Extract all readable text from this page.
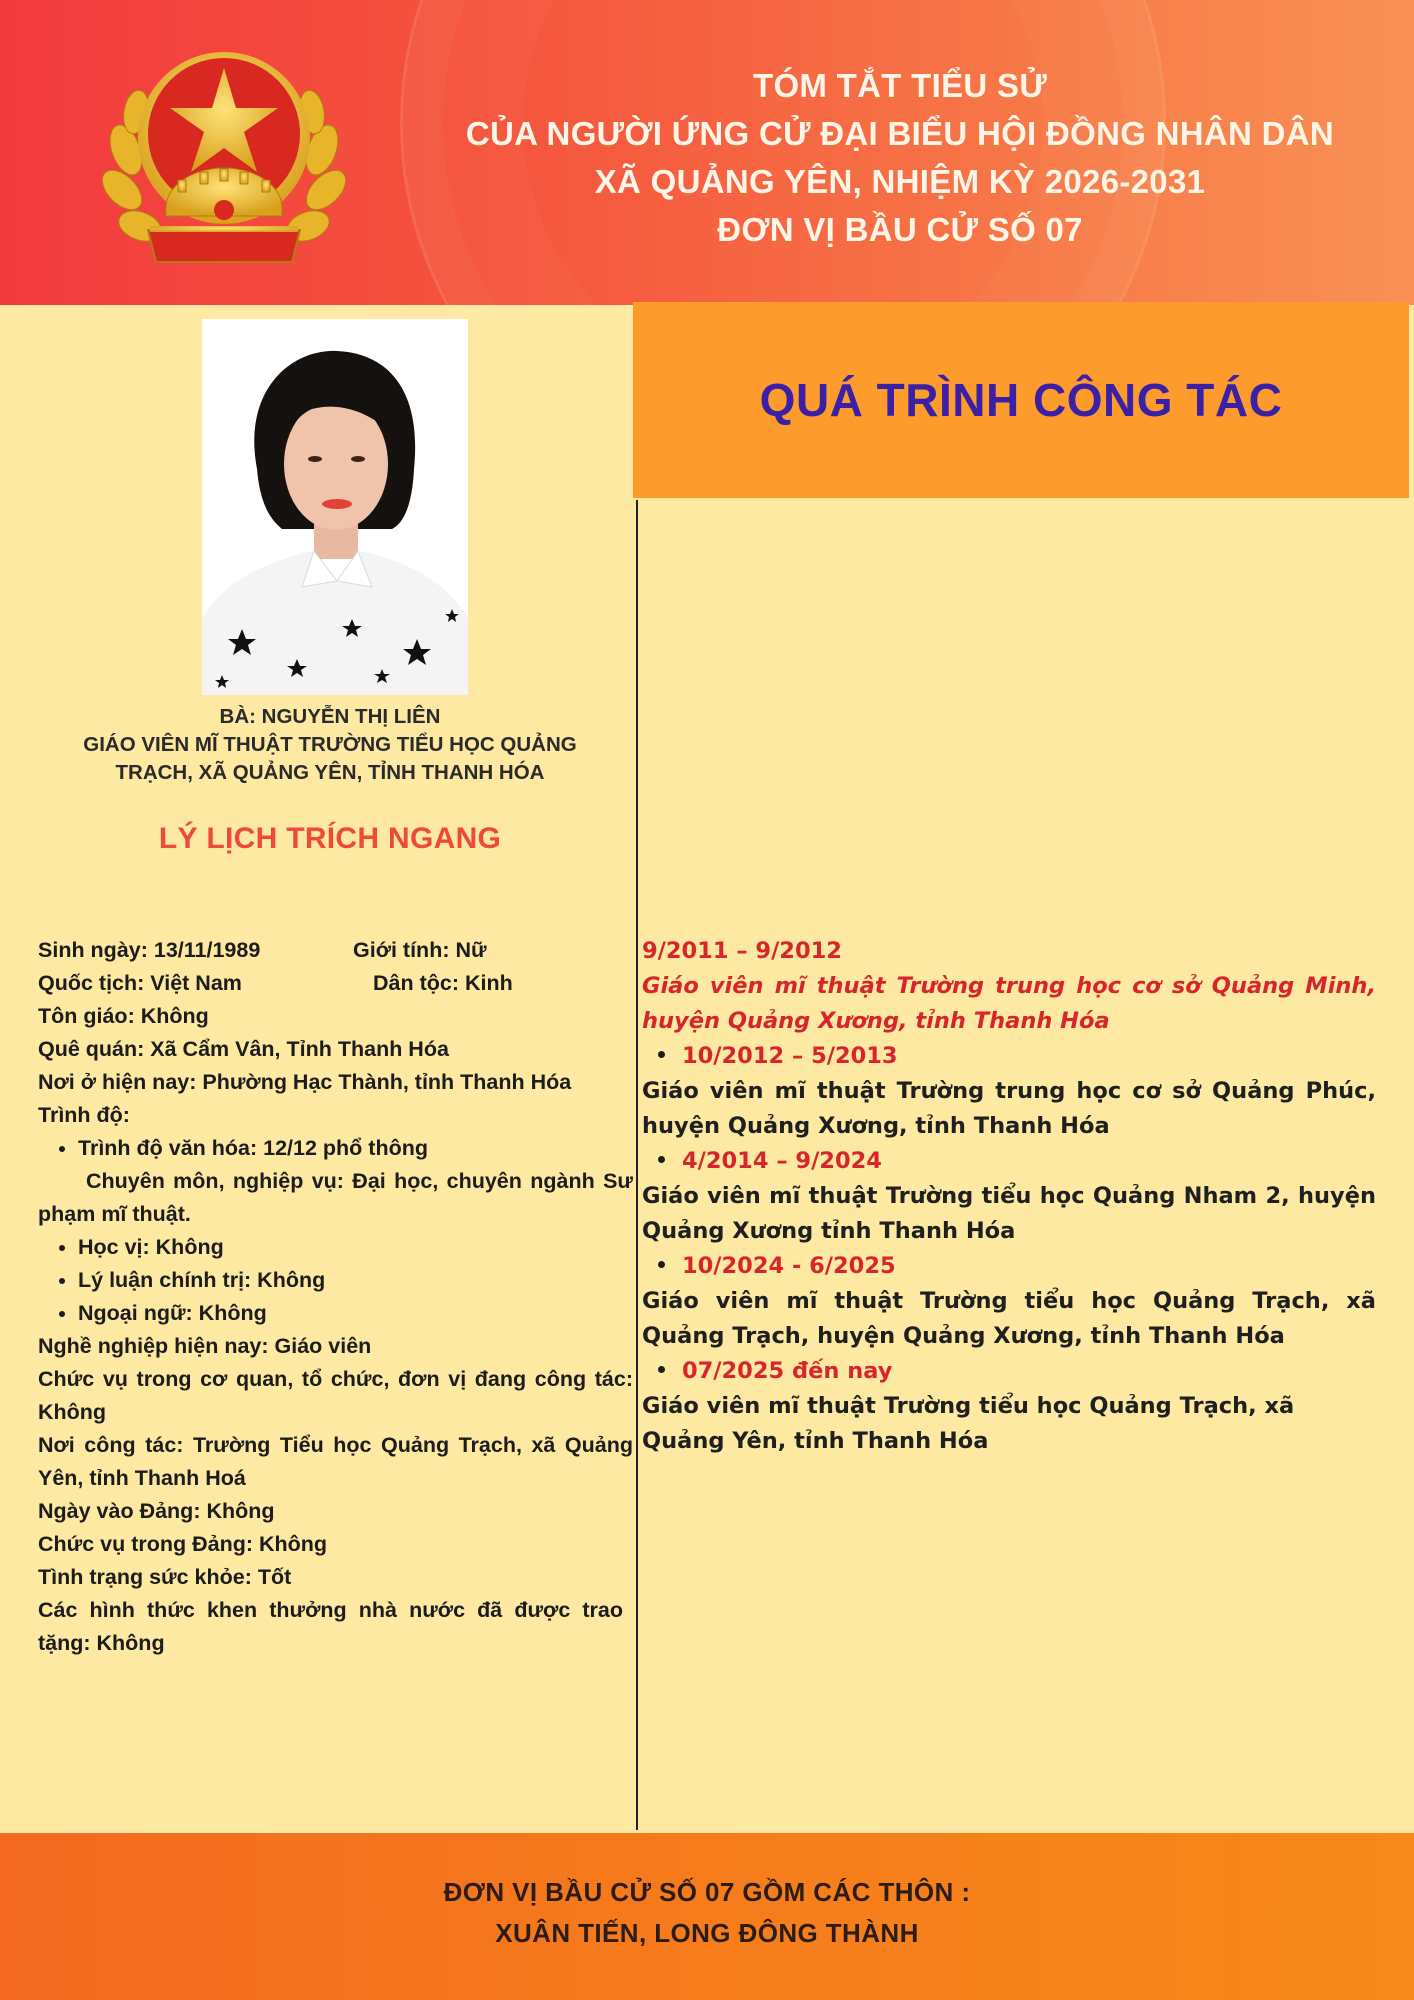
TÓM TẮT TIỂU SỬ
CỦA NGƯỜI ỨNG CỬ ĐẠI BIỂU HỘI ĐỒNG NHÂN DÂN
XÃ QUẢNG YÊN, NHIỆM KỲ 2026-2031
ĐƠN VỊ BẦU CỬ SỐ 07
BÀ: NGUYỄN THỊ LIÊN
GIÁO VIÊN MĨ THUẬT TRƯỜNG TIỂU HỌC QUẢNG
TRẠCH, XÃ QUẢNG YÊN, TỈNH THANH HÓA
LÝ LỊCH TRÍCH NGANG
Sinh ngày: 13/11/1989	Giới tính: Nữ
Quốc tịch: Việt Nam	Dân tộc: Kinh
Tôn giáo: Không
Quê quán: Xã Cẩm Vân, Tỉnh Thanh Hóa
Nơi ở hiện nay: Phường Hạc Thành, tỉnh Thanh Hóa
Trình độ:
• Trình độ văn hóa: 12/12 phổ thông
Chuyên môn, nghiệp vụ: Đại học, chuyên ngành Sư phạm mĩ thuật.
• Học vị: Không
• Lý luận chính trị: Không
• Ngoại ngữ: Không
Nghề nghiệp hiện nay: Giáo viên
Chức vụ trong cơ quan, tổ chức, đơn vị đang công tác: Không
Nơi công tác: Trường Tiểu học Quảng Trạch, xã Quảng Yên, tỉnh Thanh Hoá
Ngày vào Đảng: Không
Chức vụ trong Đảng: Không
Tình trạng sức khỏe: Tốt
Các hình thức khen thưởng nhà nước đã được trao tặng: Không
QUÁ TRÌNH CÔNG TÁC
9/2011 – 9/2012
Giáo viên mĩ thuật Trường trung học cơ sở Quảng Minh, huyện Quảng Xương, tỉnh Thanh Hóa
10/2012 – 5/2013
Giáo viên mĩ thuật Trường trung học cơ sở Quảng Phúc, huyện Quảng Xương, tỉnh Thanh Hóa
4/2014 – 9/2024
Giáo viên mĩ thuật Trường tiểu học Quảng Nham 2, huyện Quảng Xương tỉnh Thanh Hóa
10/2024 - 6/2025
Giáo viên mĩ thuật Trường tiểu học Quảng Trạch, xã Quảng Trạch, huyện Quảng Xương, tỉnh Thanh Hóa
07/2025 đến nay
Giáo viên mĩ thuật Trường tiểu học Quảng Trạch, xã Quảng Yên, tỉnh Thanh Hóa
ĐƠN VỊ BẦU CỬ SỐ 07 GỒM CÁC THÔN :
XUÂN TIẾN, LONG ĐÔNG THÀNH
